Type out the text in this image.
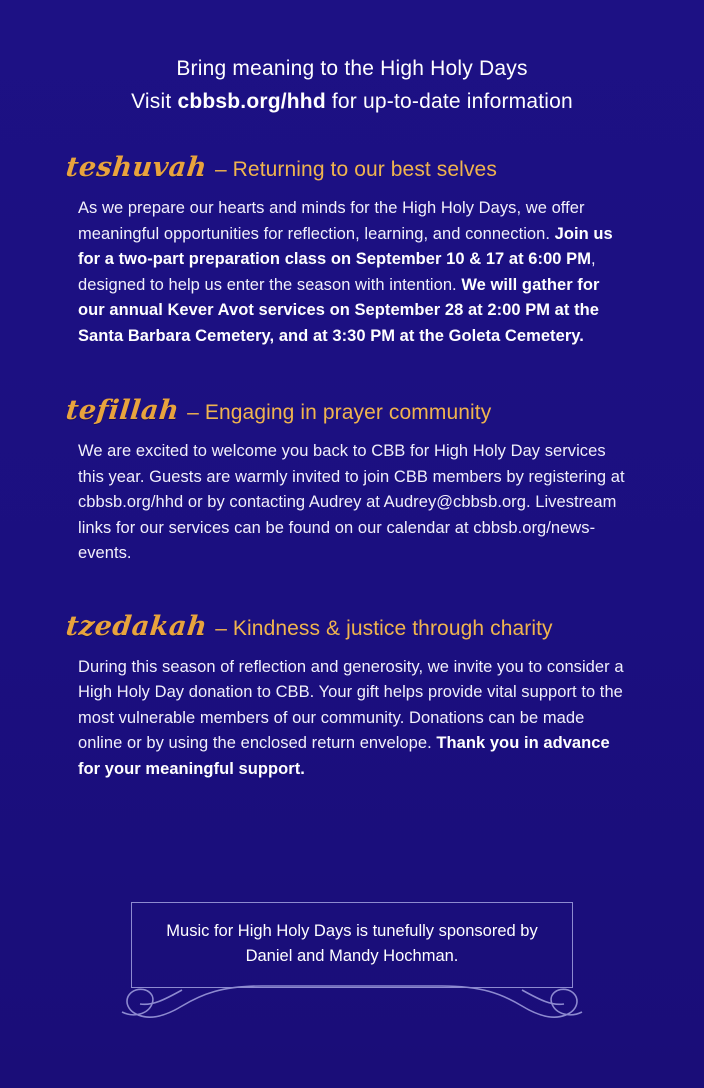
Bring meaning to the High Holy Days
Visit cbbsb.org/hhd for up-to-date information
teshuvah – Returning to our best selves
As we prepare our hearts and minds for the High Holy Days, we offer meaningful opportunities for reflection, learning, and connection. Join us for a two-part preparation class on September 10 & 17 at 6:00 PM, designed to help us enter the season with intention. We will gather for our annual Kever Avot services on September 28 at 2:00 PM at the Santa Barbara Cemetery, and at 3:30 PM at the Goleta Cemetery.
tefillah – Engaging in prayer community
We are excited to welcome you back to CBB for High Holy Day services this year. Guests are warmly invited to join CBB members by registering at cbbsb.org/hhd or by contacting Audrey at Audrey@cbbsb.org. Livestream links for our services can be found on our calendar at cbbsb.org/news-events.
tzedakah – Kindness & justice through charity
During this season of reflection and generosity, we invite you to consider a High Holy Day donation to CBB. Your gift helps provide vital support to the most vulnerable members of our community. Donations can be made online or by using the enclosed return envelope. Thank you in advance for your meaningful support.
Music for High Holy Days is tunefully sponsored by
Daniel and Mandy Hochman.
